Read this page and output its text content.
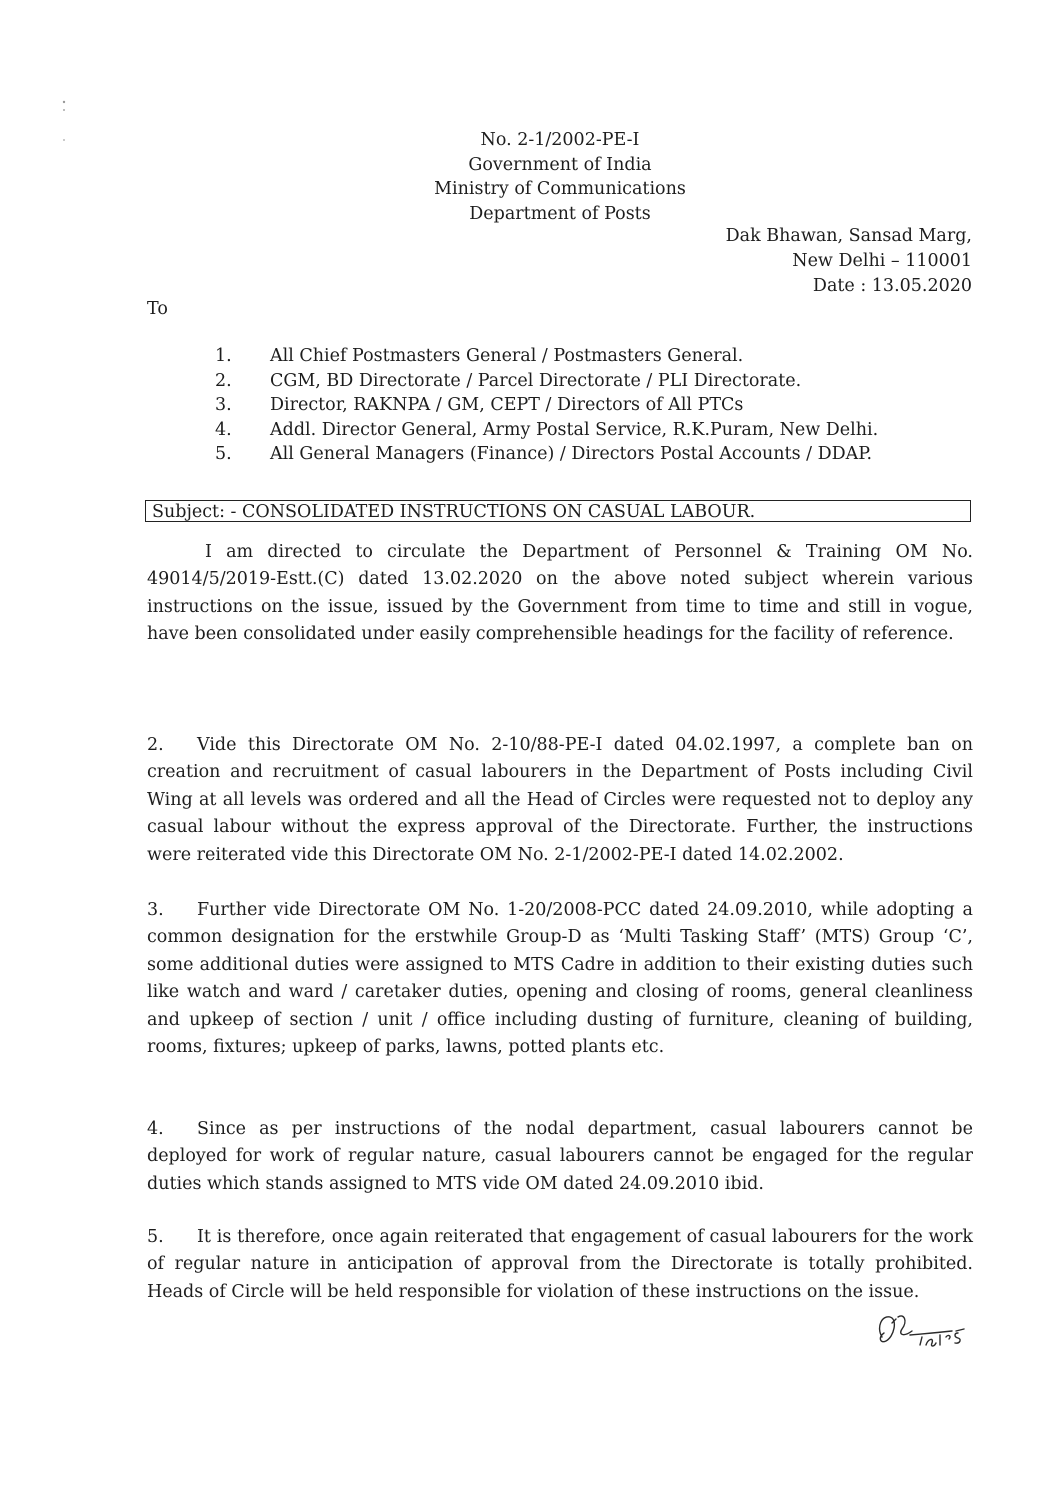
No. 2-1/2002-PE-I
Government of India
Ministry of Communications
Department of Posts
Dak Bhawan, Sansad Marg,
New Delhi – 110001
Date : 13.05.2020
To
1.	All Chief Postmasters General / Postmasters General.
2.	CGM, BD Directorate / Parcel Directorate / PLI Directorate.
3.	Director, RAKNPA / GM, CEPT / Directors of All PTCs
4.	Addl. Director General, Army Postal Service, R.K.Puram, New Delhi.
5.	All General Managers (Finance) / Directors Postal Accounts / DDAP.
Subject: - CONSOLIDATED INSTRUCTIONS ON CASUAL LABOUR.

I am directed to circulate the Department of Personnel & Training OM No. 49014/5/2019-Estt.(C) dated 13.02.2020 on the above noted subject wherein various instructions on the issue, issued by the Government from time to time and still in vogue, have been consolidated under easily comprehensible headings for the facility of reference.

2. Vide this Directorate OM No. 2-10/88-PE-I dated 04.02.1997, a complete ban on creation and recruitment of casual labourers in the Department of Posts including Civil Wing at all levels was ordered and all the Head of Circles were requested not to deploy any casual labour without the express approval of the Directorate. Further, the instructions were reiterated vide this Directorate OM No. 2-1/2002-PE-I dated 14.02.2002.

3. Further vide Directorate OM No. 1-20/2008-PCC dated 24.09.2010, while adopting a common designation for the erstwhile Group-D as ‘Multi Tasking Staff’ (MTS) Group ‘C’, some additional duties were assigned to MTS Cadre in addition to their existing duties such like watch and ward / caretaker duties, opening and closing of rooms, general cleanliness and upkeep of section / unit / office including dusting of furniture, cleaning of building, rooms, fixtures; upkeep of parks, lawns, potted plants etc.

4. Since as per instructions of the nodal department, casual labourers cannot be deployed for work of regular nature, casual labourers cannot be engaged for the regular duties which stands assigned to MTS vide OM dated 24.09.2010 ibid.

5. It is therefore, once again reiterated that engagement of casual labourers for the work of regular nature in anticipation of approval from the Directorate is totally prohibited. Heads of Circle will be held responsible for violation of these instructions on the issue.
